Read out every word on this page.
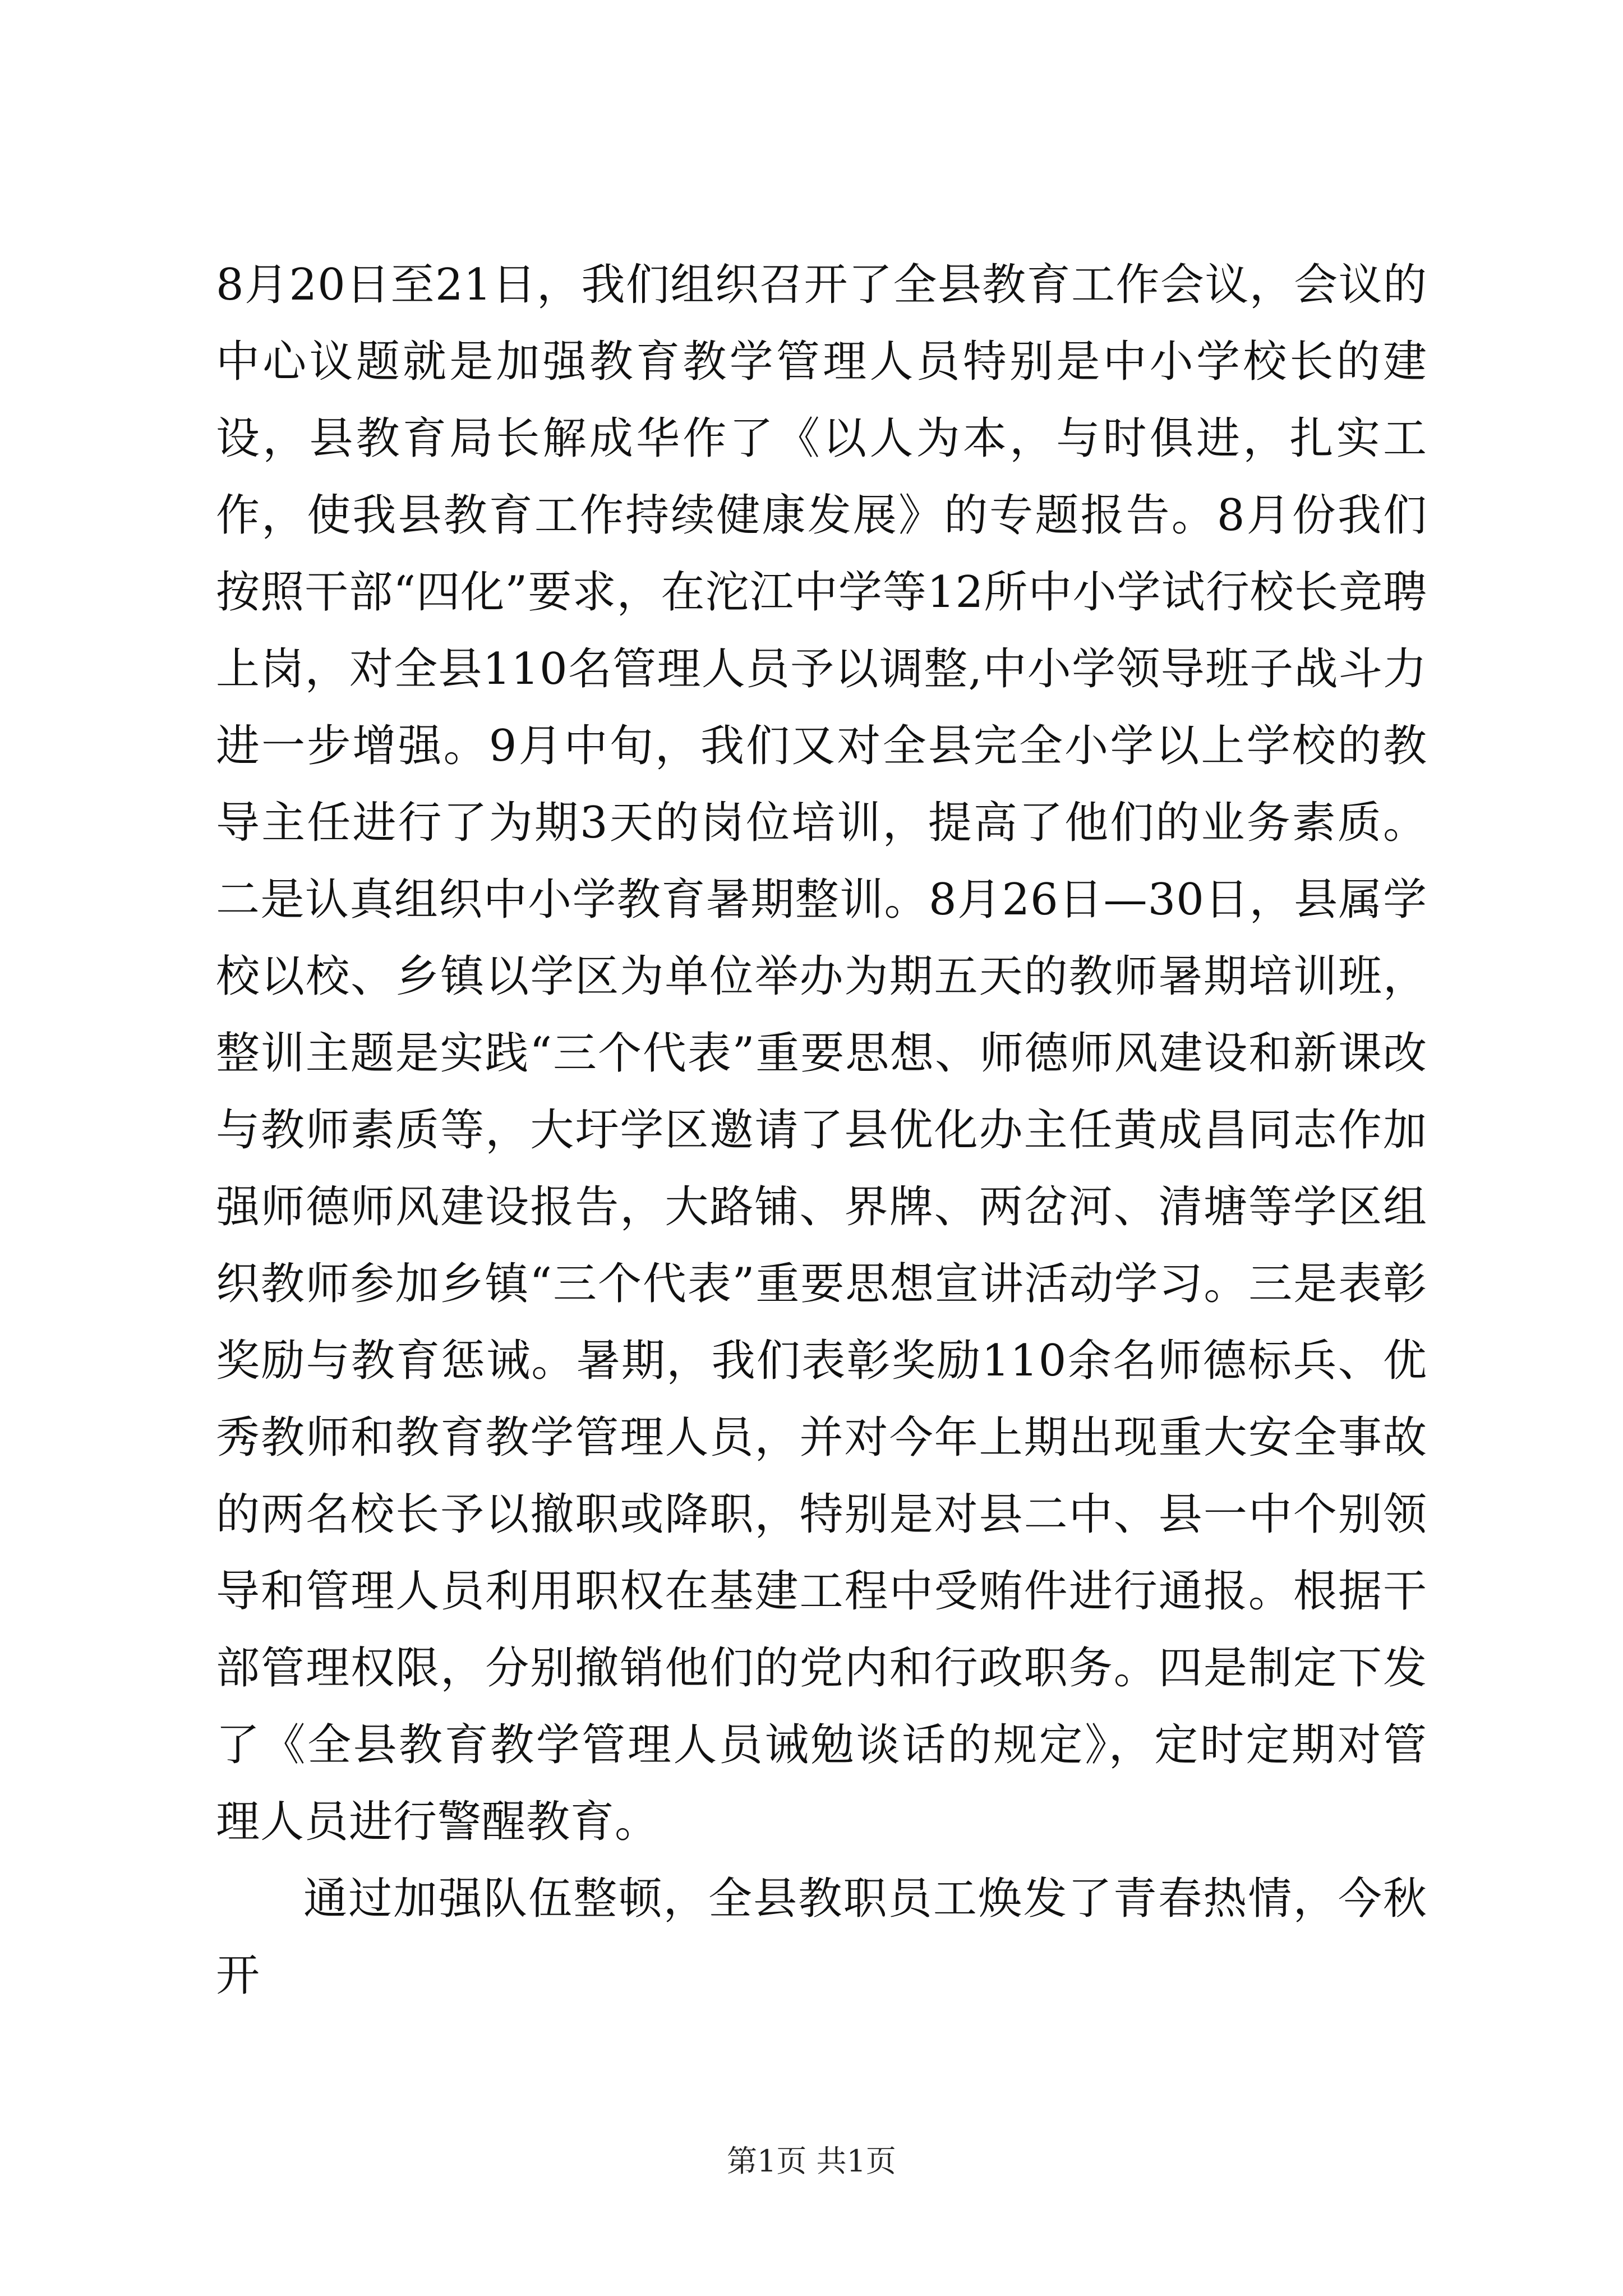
8月20日至21日，我们组织召开了全县教育工作会议，会议的中心议题就是加强教育教学管理人员特别是中小学校长的建设，县教育局长解成华作了《以人为本，与时俱进，扎实工作，使我县教育工作持续健康发展》的专题报告。8月份我们按照干部“四化”要求，在沱江中学等12所中小学试行校长竞聘上岗，对全县110名管理人员予以调整,中小学领导班子战斗力进一步增强。9月中旬，我们又对全县完全小学以上学校的教导主任进行了为期3天的岗位培训，提高了他们的业务素质。二是认真组织中小学教育暑期整训。8月26日—30日，县属学校以校、乡镇以学区为单位举办为期五天的教师暑期培训班，整训主题是实践“三个代表”重要思想、师德师风建设和新课改与教师素质等，大圩学区邀请了县优化办主任黄成昌同志作加强师德师风建设报告，大路铺、界牌、两岔河、清塘等学区组织教师参加乡镇“三个代表”重要思想宣讲活动学习。三是表彰奖励与教育惩诫。暑期，我们表彰奖励110余名师德标兵、优秀教师和教育教学管理人员，并对今年上期出现重大安全事故的两名校长予以撤职或降职，特别是对县二中、县一中个别领导和管理人员利用职权在基建工程中受贿件进行通报。根据干部管理权限，分别撤销他们的党内和行政职务。四是制定下发了《全县教育教学管理人员诫勉谈话的规定》，定时定期对管理人员进行警醒教育。

通过加强队伍整顿，全县教职员工焕发了青春热情，今秋开

第1页 共1页
